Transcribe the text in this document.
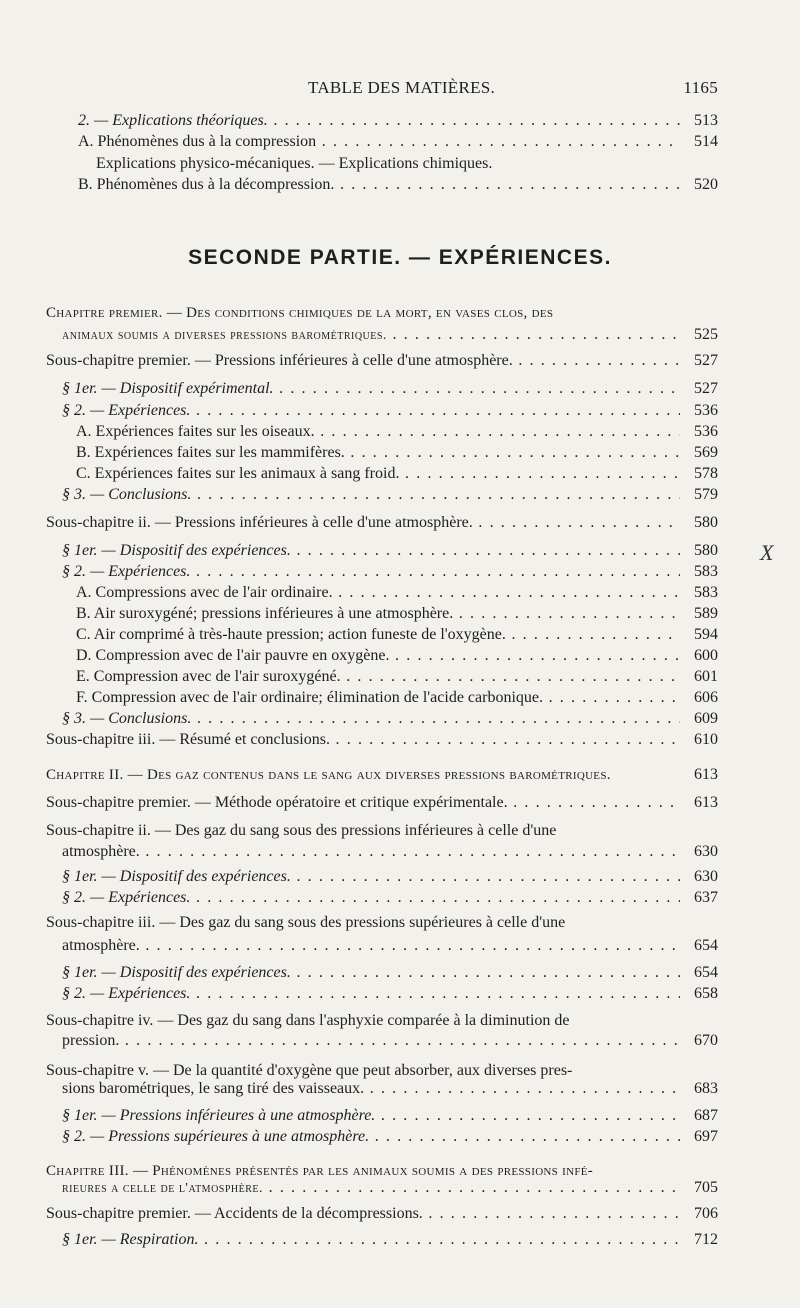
TABLE DES MATIÈRES.	1165
2. — Explications théoriques. . . .	513
A. Phénomènes dus à la compression . . .	514
Explications physico-mécaniques. — Explications chimiques.
B. Phénomènes dus à la décompression. . . .	520
SECONDE PARTIE. — EXPÉRIENCES.
Chapitre premier. — Des conditions chimiques de la mort, en vases clos, des
animaux soumis a diverses pressions barométriques. . . .	525
Sous-chapitre premier. — Pressions inférieures à celle d'une atmosphère. . . .	527
§ 1er. — Dispositif expérimental. . . .	527
§ 2. — Expériences. . . .	536
A. Expériences faites sur les oiseaux. . . .	536
B. Expériences faites sur les mammifères. . . .	569
C. Expériences faites sur les animaux à sang froid. . . .	578
§ 3. — Conclusions. . . .	579
Sous-chapitre ii. — Pressions inférieures à celle d'une atmosphère. . . .	580
§ 1er. — Dispositif des expériences. . . .	580
§ 2. — Expériences. . . .	583
A. Compressions avec de l'air ordinaire. . . .	583
B. Air suroxygéné; pressions inférieures à une atmosphère. . . .	589
C. Air comprimé à très-haute pression; action funeste de l'oxygène. . . .	594
D. Compression avec de l'air pauvre en oxygène. . . .	600
E. Compression avec de l'air suroxygéné. . . .	601
F. Compression avec de l'air ordinaire; élimination de l'acide carbonique. . . .	606
§ 3. — Conclusions. . . .	609
Sous-chapitre iii. — Résumé et conclusions. . . .	610
Chapitre II. — Des gaz contenus dans le sang aux diverses pressions barométriques.	613
Sous-chapitre premier. — Méthode opératoire et critique expérimentale. . . .	613
Sous-chapitre ii. — Des gaz du sang sous des pressions inférieures à celle d'une
atmosphère. . . .	630
§ 1er. — Dispositif des expériences. . . .	630
§ 2. — Expériences. . . .	637
Sous-chapitre iii. — Des gaz du sang sous des pressions supérieures à celle d'une
atmosphère. . . .	654
§ 1er. — Dispositif des expériences. . . .	654
§ 2. — Expériences. . . .	658
Sous-chapitre iv. — Des gaz du sang dans l'asphyxie comparée à la diminution de
pression. . . .	670
Sous-chapitre v. — De la quantité d'oxygène que peut absorber, aux diverses pres-
sions barométriques, le sang tiré des vaisseaux. . . .	683
§ 1er. — Pressions inférieures à une atmosphère. . . .	687
§ 2. — Pressions supérieures à une atmosphère. . . .	697
Chapitre III. — Phénomènes présentés par les animaux soumis a des pressions infé-
rieures a celle de l'atmosphère. . . .	705
Sous-chapitre premier. — Accidents de la décompressions. . . .	706
§ 1er. — Respiration. . . .	712
X
